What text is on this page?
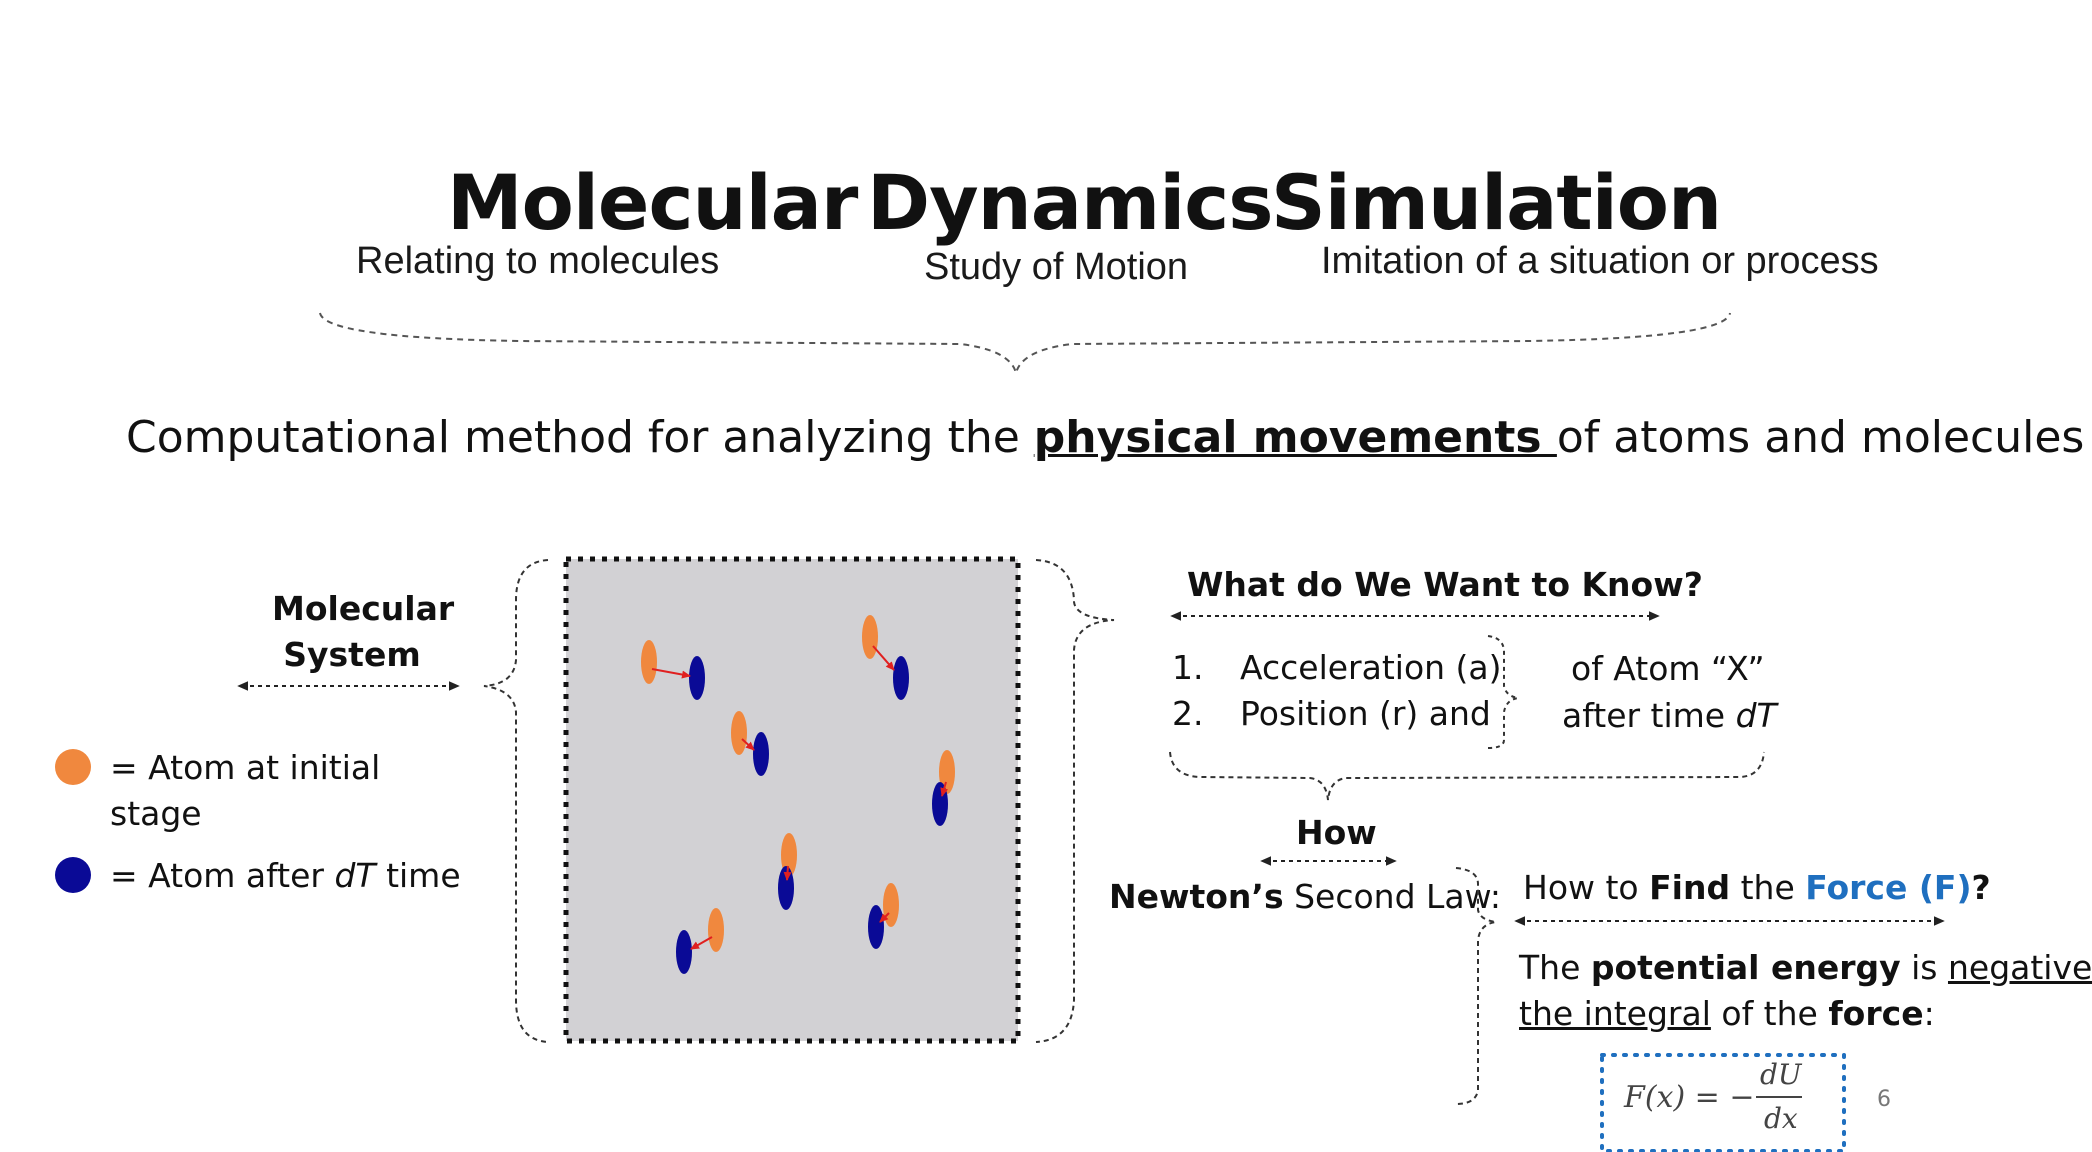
Molecular Dynamics
Simulation
Relating to molecules	Study of Motion	Imitation of a situation or process
Computational method for analyzing the physical movements of atoms and molecules
Molecular
System
= Atom at initial
stage
= Atom after dT time
What do We Want to Know?
1. Acceleration (a)
2. Position (r) and
of Atom “X”
after time dT
How
Newton’s Second Law: How to Find the Force (F)?
The potential energy is negative
the integral of the force:
F(x) = −
dU
dx
6
